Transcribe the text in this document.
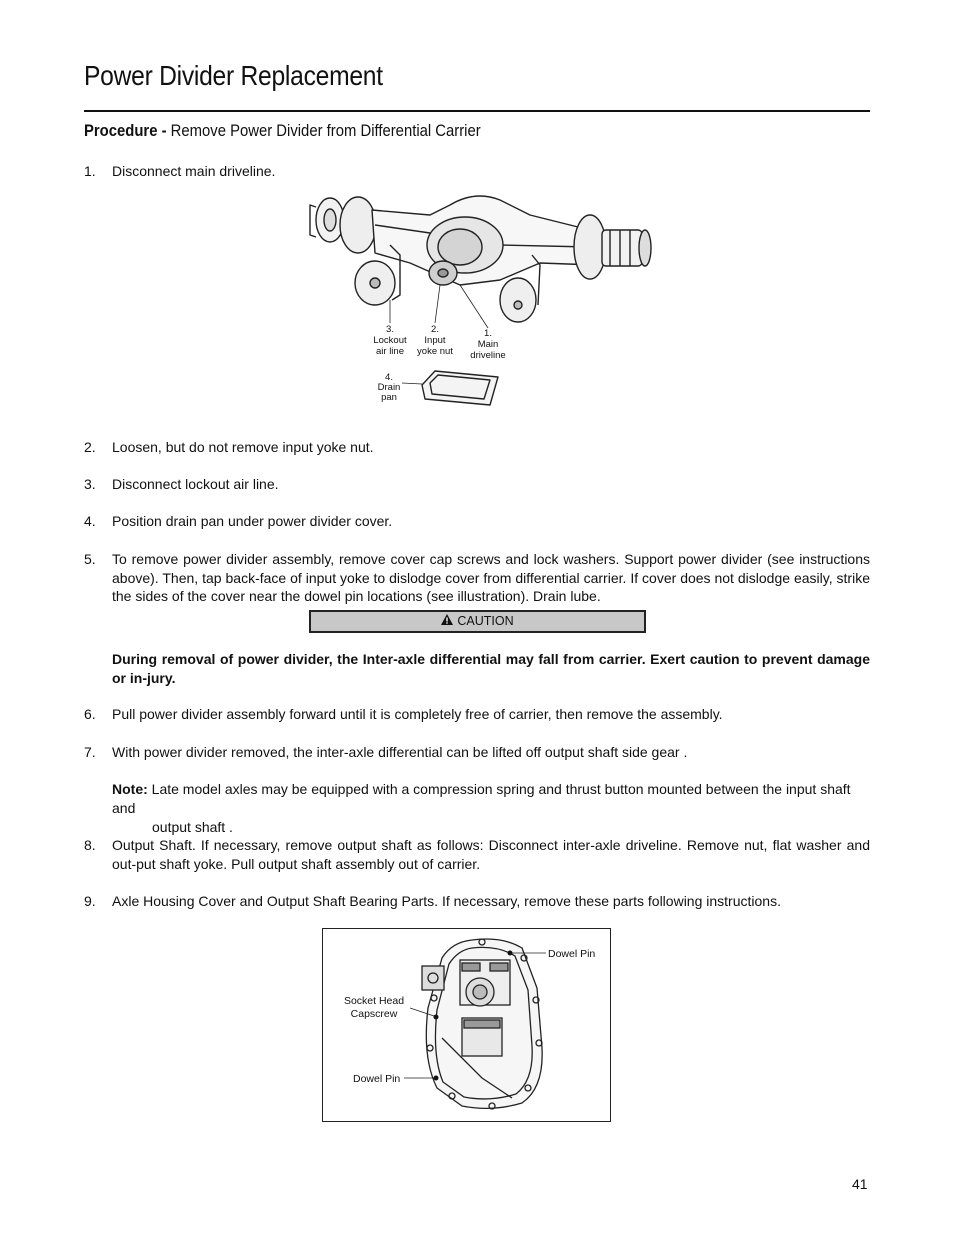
Power Divider Replacement
Procedure - Remove Power Divider from Differential Carrier
1.	Disconnect main driveline.
3.
Lockout
air line
2.
Input
yoke nut
1.
Main
driveline
4.
Drain
pan
2.	Loosen, but do not remove input yoke nut.
3.	Disconnect lockout air line.
4.	Position drain pan under power divider cover.
5.	To remove power divider assembly, remove cover cap screws and lock washers. Support power divider (see instructions above). Then, tap back-face of input yoke to dislodge cover from differential carrier. If cover does not dislodge easily, strike the sides of the cover near the dowel pin locations (see illustration). Drain lube.
CAUTION
During removal of power divider, the Inter-axle differential may fall from carrier. Exert caution to prevent damage or in-jury.
6.	Pull power divider assembly forward until it is completely free of carrier, then remove the assembly.
7.	With power divider removed, the inter-axle differential can be lifted off output shaft side gear .
Note: Late model axles may be equipped with a compression spring and thrust button mounted between the input shaft and
output shaft .
8.	Output Shaft. If necessary, remove output shaft as follows: Disconnect inter-axle driveline. Remove nut, flat washer and out-put shaft yoke. Pull output shaft assembly out of carrier.
9.	Axle Housing Cover and Output Shaft Bearing Parts. If necessary, remove these parts following instructions.
Dowel Pin
Socket Head
Capscrew
Dowel Pin
41
